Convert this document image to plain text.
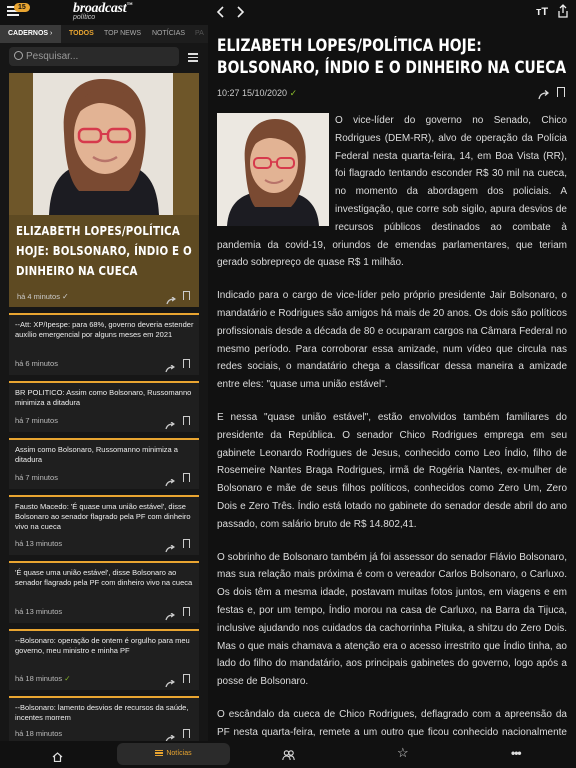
15	broadcast™
político	тT
CADERNOS ›	TODOS TOP NEWS NOTÍCIAS PA
Pesquisar...
ELIZABETH LOPES/POLÍTICA HOJE: BOLSONARO, ÍNDIO E O DINHEIRO NA CUECA
há 4 minutos ✓
--Att: XP/Ipespe: para 68%, governo deveria estender auxílio emergencial por alguns meses em 2021
há 6 minutos
BR POLITICO: Assim como Bolsonaro, Russomanno minimiza a ditadura
há 7 minutos
Assim como Bolsonaro, Russomanno minimiza a ditadura
há 7 minutos
Fausto Macedo: 'É quase uma união estável', disse Bolsonaro ao senador flagrado pela PF com dinheiro vivo na cueca
há 13 minutos
'É quase uma união estável', disse Bolsonaro ao senador flagrado pela PF com dinheiro vivo na cueca
há 13 minutos
--Bolsonaro: operação de ontem é orgulho para meu governo, meu ministro e minha PF
há 18 minutos ✓
--Bolsonaro: lamento desvios de recursos da saúde, incentes morrem
há 18 minutos
ELIZABETH LOPES/POLÍTICA HOJE: BOLSONARO, ÍNDIO E O DINHEIRO NA CUECA
10:27 15/10/2020 ✓

O vice-líder do governo no Senado, Chico Rodrigues (DEM-RR), alvo de operação da Polícia Federal nesta quarta-feira, 14, em Boa Vista (RR), foi flagrado tentando esconder R$ 30 mil na cueca, no momento da abordagem dos policiais. A investigação, que corre sob sigilo, apura desvios de recursos públicos destinados ao combate à pandemia da covid-19, oriundos de emendas parlamentares, que teriam gerado sobrepreço de quase R$ 1 milhão.

Indicado para o cargo de vice-líder pelo próprio presidente Jair Bolsonaro, o mandatário e Rodrigues são amigos há mais de 20 anos. Os dois são políticos profissionais desde a década de 80 e ocuparam cargos na Câmara Federal no mesmo período. Para corroborar essa amizade, num vídeo que circula nas redes sociais, o mandatário chega a classificar dessa maneira a amizade entre eles: "quase uma união estável".

E nessa "quase união estável", estão envolvidos também familiares do presidente da República. O senador Chico Rodrigues emprega em seu gabinete Leonardo Rodrigues de Jesus, conhecido como Leo Índio, filho de Rosemeire Nantes Braga Rodrigues, irmã de Rogéria Nantes, ex-mulher de Bolsonaro e mãe de seus filhos políticos, conhecidos como Zero Um, Zero Dois e Zero Três. Índio está lotado no gabinete do senador desde abril do ano passado, com salário bruto de R$ 14.802,41.

O sobrinho de Bolsonaro também já foi assessor do senador Flávio Bolsonaro, mas sua relação mais próxima é com o vereador Carlos Bolsonaro, o Carluxo. Os dois têm a mesma idade, postavam muitas fotos juntos, em viagens e em festas e, por um tempo, Índio morou na casa de Carluxo, na Barra da Tijuca, inclusive ajudando nos cuidados da cachorrinha Pituka, a shitzu do Zero Dois. Mas o que mais chamava a atenção era o acesso irrestrito que Índio tinha, ao lado do filho do mandatário, aos principais gabinetes do governo, logo após a posse de Bolsonaro.

O escândalo da cueca de Chico Rodrigues, deflagrado com a apreensão da PF nesta quarta-feira, remete a um outro que ficou conhecido nacionalmente

Notícias	☆	•••
